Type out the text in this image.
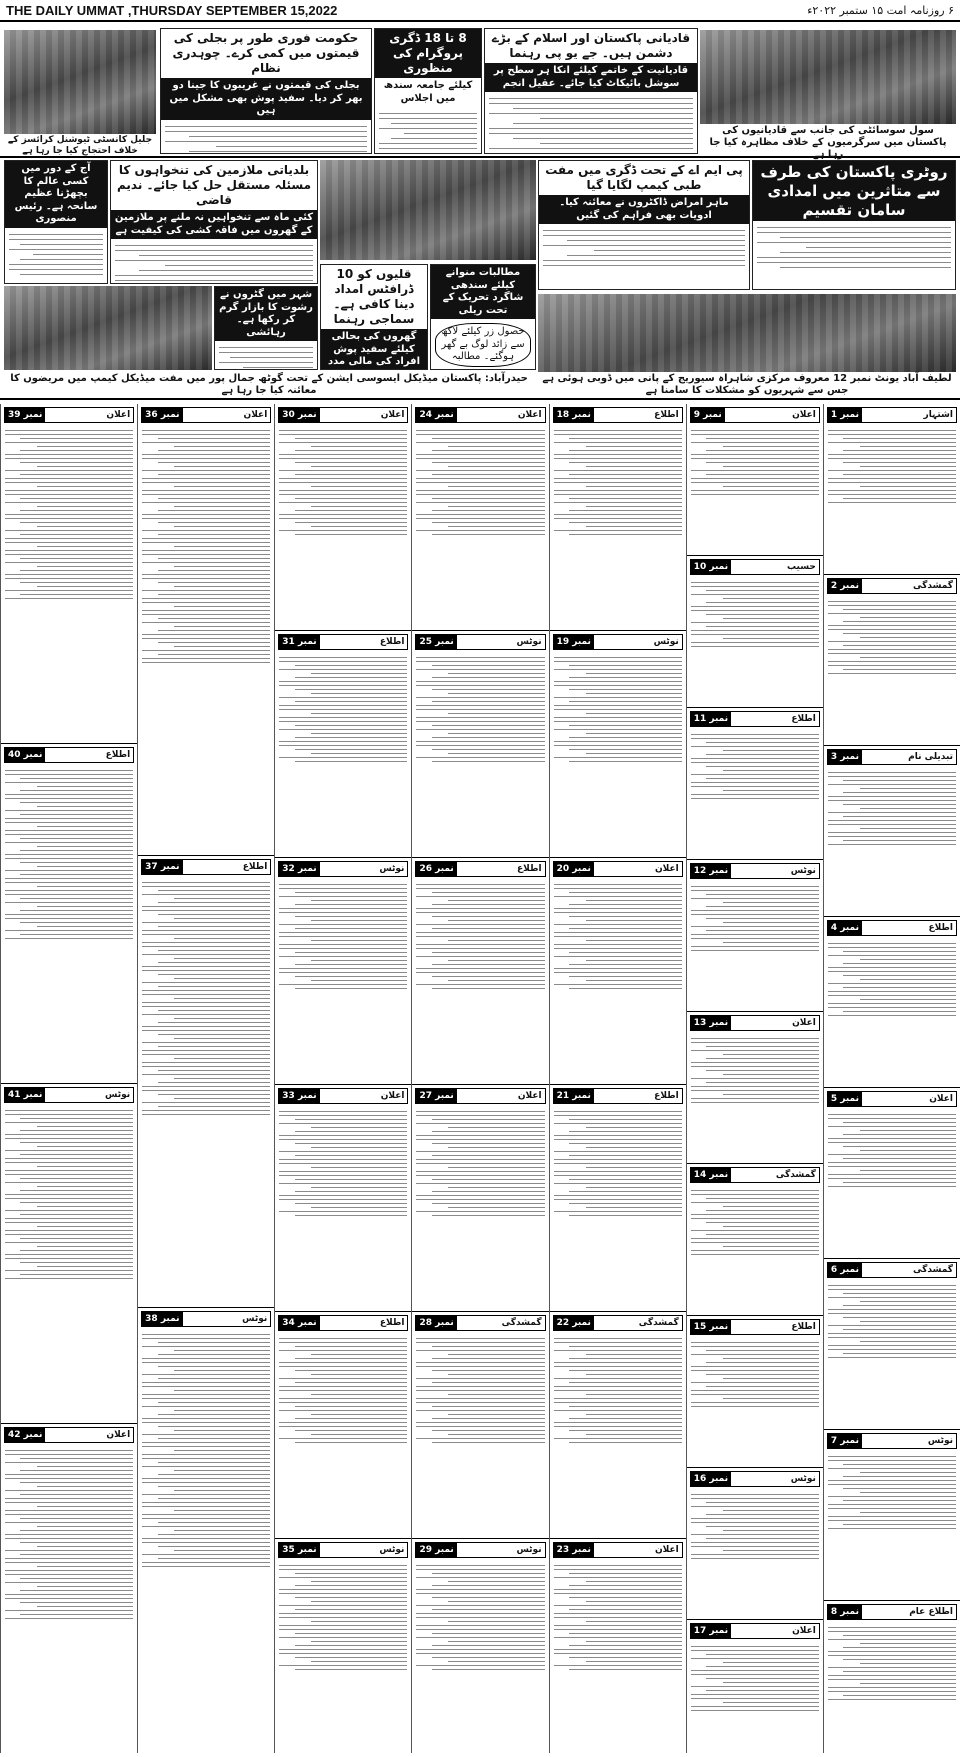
THE DAILY UMMAT ,THURSDAY SEPTEMBER 15,2022	۶ روزنامہ امت ۱۵ ستمبر ۲۰۲۲ء
سول سوسائٹی کی جانب سے قادیانیوں کی پاکستان میں سرگرمیوں کے خلاف مظاہرہ کیا جا رہا ہے
قادیانی پاکستان اور اسلام کے بڑے دشمن ہیں۔ جے یو پی رہنما
قادیانیت کے خاتمے کیلئے انکا ہر سطح پر سوشل بائیکاٹ کیا جائے۔ عقیل انجم
8 تا 18 ڈگری پروگرام کی منظوری
کیلئے جامعہ سندھ میں اجلاس
حکومت فوری طور پر بجلی کی قیمتوں میں کمی کرے۔ چوہدری نظام
بجلی کی قیمتوں نے غریبوں کا جینا دو بھر کر دیا۔ سفید پوش بھی مشکل میں ہیں
جلیل کانسٹی ٹیوشنل کرائسز کے خلاف احتجاج کیا جا رہا ہے
روٹری پاکستان کی طرف سے متاثرین میں امدادی سامان تقسیم
پی ایم اے کے تحت ڈگری میں مفت طبی کیمپ لگایا گیا
ماہر امراض ڈاکٹروں نے معائنہ کیا۔ ادویات بھی فراہم کی گئیں
لطیف آباد یونٹ نمبر 12 معروف مرکزی شاہراہ سیوریج کے پانی میں ڈوبی ہوئی ہے جس سے شہریوں کو مشکلات کا سامنا ہے
مطالبات منوانے کیلئے سندھی شاگرد تحریک کے تحت ریلی
حصول زر کیلئے لاکھ سے زائد لوگ بے گھر ہوگئے۔ مطالبہ
قلیوں کو 10 ڈرافٹس امداد دینا کافی ہے۔ سماجی رہنما
گھروں کی بحالی کیلئے سفید پوش افراد کی مالی مدد
بلدیاتی ملازمین کی تنخواہوں کا مسئلہ مستقل حل کیا جائے۔ ندیم قاضی
کئی ماہ سے تنخواہیں نہ ملنے پر ملازمین کے گھروں میں فاقہ کشی کی کیفیت ہے
شہر میں گٹروں نے رشوت کا بازار گرم کر رکھا ہے۔ رہائشی
آج کے دور میں کسی عالم کا بچھڑنا عظیم سانحہ ہے۔ رئیس منصوری
حیدرآباد: پاکستان میڈیکل ایسوسی ایشن کے تحت گوٹھ جمال پور میں مفت میڈیکل کیمپ میں مریضوں کا معائنہ کیا جا رہا ہے
اشتہار
نمبر 1
گمشدگی
نمبر 2
تبدیلی نام
نمبر 3
اطلاع
نمبر 4
اعلان
نمبر 5
گمشدگی
نمبر 6
نوٹس
نمبر 7
اطلاع عام
نمبر 8
اعلان
نمبر 9
حسیب
نمبر 10
اطلاع
نمبر 11
نوٹس
نمبر 12
اعلان
نمبر 13
گمشدگی
نمبر 14
اطلاع
نمبر 15
نوٹس
نمبر 16
اعلان
نمبر 17
اطلاع
نمبر 18
نوٹس
نمبر 19
اعلان
نمبر 20
اطلاع
نمبر 21
گمشدگی
نمبر 22
اعلان
نمبر 23
اعلان
نمبر 24
نوٹس
نمبر 25
اطلاع
نمبر 26
اعلان
نمبر 27
گمشدگی
نمبر 28
نوٹس
نمبر 29
اعلان
نمبر 30
اطلاع
نمبر 31
نوٹس
نمبر 32
اعلان
نمبر 33
اطلاع
نمبر 34
نوٹس
نمبر 35
اعلان
نمبر 36
اطلاع
نمبر 37
نوٹس
نمبر 38
اعلان
نمبر 39
اطلاع
نمبر 40
نوٹس
نمبر 41
اعلان
نمبر 42
